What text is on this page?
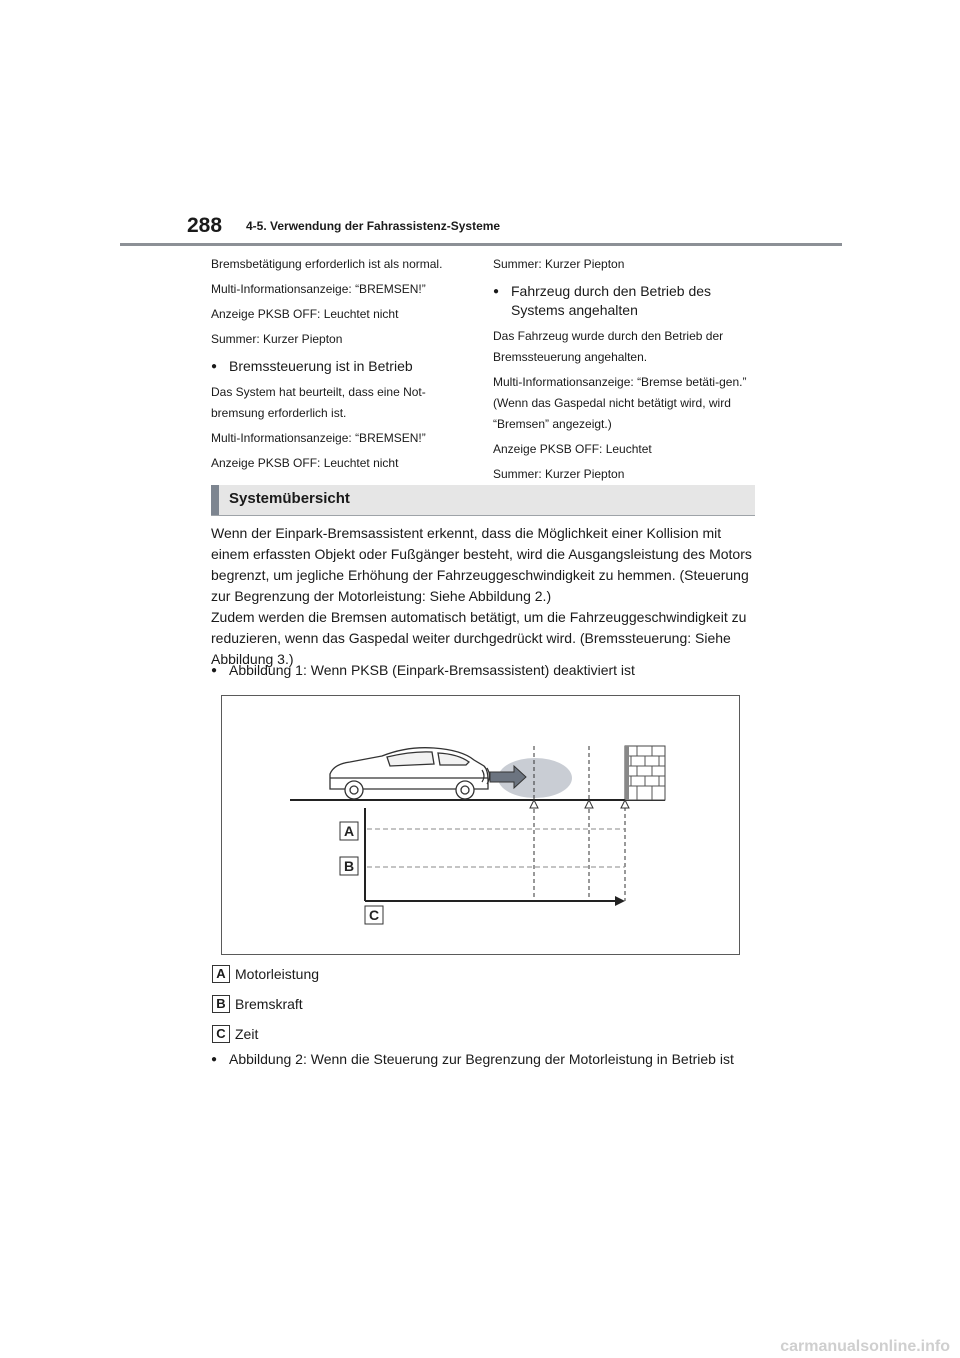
288 4-5. Verwendung der Fahrassistenz-Systeme

Bremsbetätigung erforderlich ist als normal.

Multi-Informationsanzeige: “BREMSEN!”

Anzeige PKSB OFF: Leuchtet nicht

Summer: Kurzer Piepton

● Bremssteuerung ist in Betrieb

Das System hat beurteilt, dass eine Not-
bremsung erforderlich ist.

Multi-Informationsanzeige: “BREMSEN!”

Anzeige PKSB OFF: Leuchtet nicht

Summer: Kurzer Piepton

● Fahrzeug durch den Betrieb des Systems angehalten

Das Fahrzeug wurde durch den Betrieb der Bremssteuerung angehalten.

Multi-Informationsanzeige: “Bremse betäti-gen.” (Wenn das Gaspedal nicht betätigt wird, wird “Bremsen” angezeigt.)

Anzeige PKSB OFF: Leuchtet

Summer: Kurzer Piepton

Systemübersicht

Wenn der Einpark-Bremsassistent erkennt, dass die Möglichkeit einer Kollision mit einem erfassten Objekt oder Fußgänger besteht, wird die Ausgangsleistung des Motors begrenzt, um jegliche Erhöhung der Fahrzeuggeschwindigkeit zu hemmen. (Steuerung zur Begrenzung der Motorleistung: Siehe Abbildung 2.)

Zudem werden die Bremsen automatisch betätigt, um die Fahrzeuggeschwindigkeit zu reduzieren, wenn das Gaspedal weiter durchgedrückt wird. (Bremssteuerung: Siehe Abbildung 3.)

● Abbildung 1: Wenn PKSB (Einpark-Bremsassistent) deaktiviert ist
A
B
C
A Motorleistung
B Bremskraft
C Zeit
● Abbildung 2: Wenn die Steuerung zur Begrenzung der Motorleistung in Betrieb ist
carmanualsonline.info
